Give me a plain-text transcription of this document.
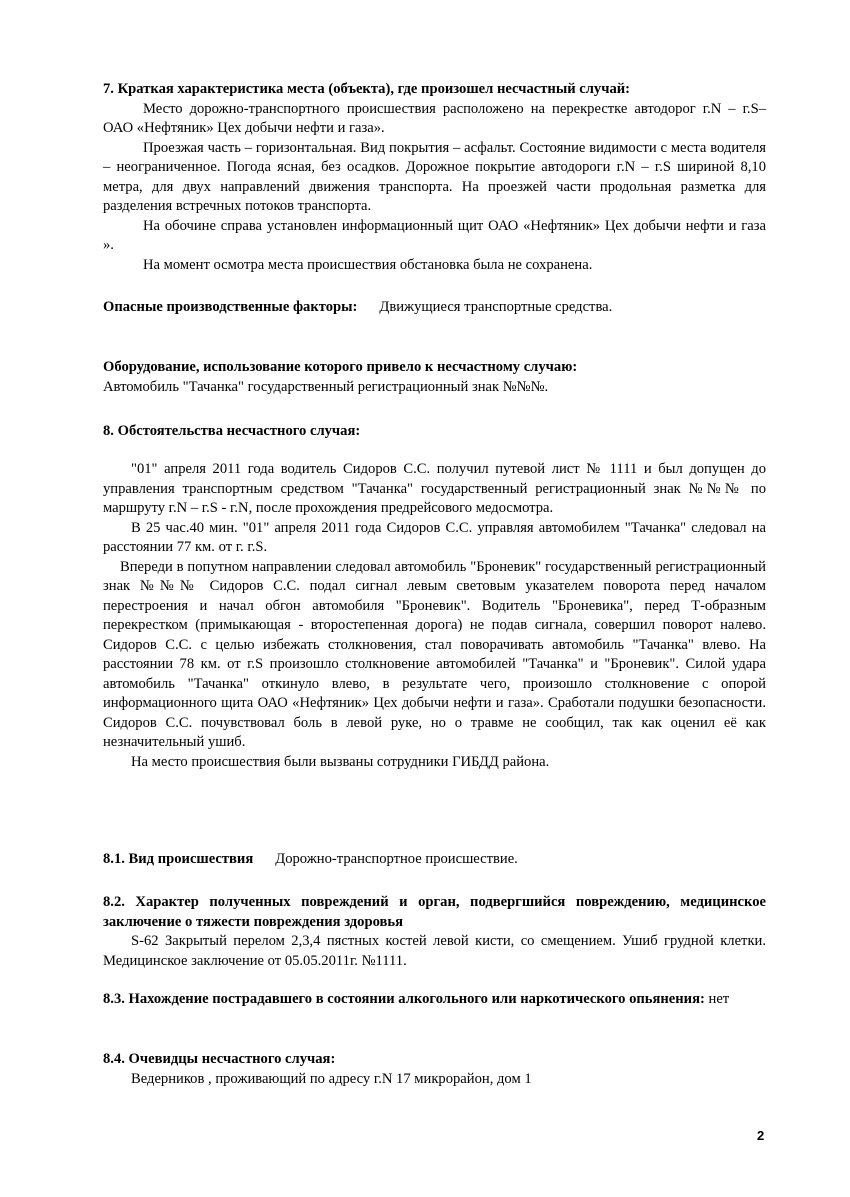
7. Краткая характеристика места (объекта), где произошел несчастный случай:

Место дорожно-транспортного происшествия расположено на перекрестке автодорог г.N – г.S– ОАО «Нефтяник» Цех добычи нефти и газа».

Проезжая часть – горизонтальная. Вид покрытия – асфальт. Состояние видимости с места водителя – неограниченное. Погода ясная, без осадков. Дорожное покрытие автодороги г.N – г.S шириной 8,10 метра, для двух направлений движения транспорта. На проезжей части продольная разметка для разделения встречных потоков транспорта.

На обочине справа установлен информационный щит ОАО «Нефтяник» Цех добычи нефти и газа ».

На момент осмотра места происшествия обстановка была не сохранена.

Опасные производственные факторы: Движущиеся транспортные средства.

Оборудование, использование которого привело к несчастному случаю:

Автомобиль "Тачанка" государственный регистрационный знак №№№.

8. Обстоятельства несчастного случая:

"01" апреля 2011 года водитель Сидоров С.С. получил путевой лист № 1111 и был допущен до управления транспортным средством "Тачанка" государственный регистрационный знак №№№ по маршруту г.N – г.S - г.N, после прохождения предрейсового медосмотра.

В 25 час.40 мин. "01" апреля 2011 года Сидоров С.С. управляя автомобилем "Тачанка" следовал на расстоянии 77 км. от г. г.S.

Впереди в попутном направлении следовал автомобиль "Броневик" государственный регистрационный знак №№№ Сидоров С.С. подал сигнал левым световым указателем поворота перед началом перестроения и начал обгон автомобиля "Броневик". Водитель "Броневика", перед Т-образным перекрестком (примыкающая - второстепенная дорога) не подав сигнала, совершил поворот налево. Сидоров С.С. с целью избежать столкновения, стал поворачивать автомобиль "Тачанка" влево. На расстоянии 78 км. от г.S произошло столкновение автомобилей "Тачанка" и "Броневик". Силой удара автомобиль "Тачанка" откинуло влево, в результате чего, произошло столкновение с опорой информационного щита ОАО «Нефтяник» Цех добычи нефти и газа». Сработали подушки безопасности. Сидоров С.С. почувствовал боль в левой руке, но о травме не сообщил, так как оценил её как незначительный ушиб.

На место происшествия были вызваны сотрудники ГИБДД района.

8.1. Вид происшествия Дорожно-транспортное происшествие.

8.2. Характер полученных повреждений и орган, подвергшийся повреждению, медицинское заключение о тяжести повреждения здоровья

S-62 Закрытый перелом 2,3,4 пястных костей левой кисти, со смещением. Ушиб грудной клетки. Медицинское заключение от 05.05.2011г. №1111.

8.3. Нахождение пострадавшего в состоянии алкогольного или наркотического опьянения: нет

8.4. Очевидцы несчастного случая:

Ведерников , проживающий по адресу г.N 17 микрорайон, дом 1

2
